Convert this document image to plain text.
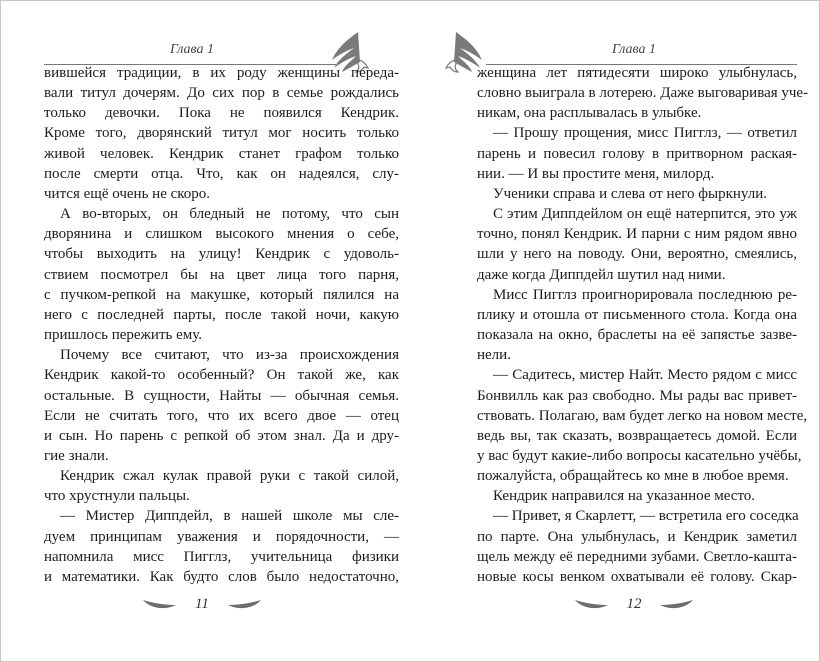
Глава 1
вившейся традиции, в их роду женщины переда-
вали титул дочерям. До сих пор в семье рождались
только девочки. Пока не появился Кендрик.
Кроме того, дворянский титул мог носить только
живой человек. Кендрик станет графом только
после смерти отца. Что, как он надеялся, слу-
чится ещё очень не скоро.
А во-вторых, он бледный не потому, что сын
дворянина и слишком высокого мнения о себе,
чтобы выходить на улицу! Кендрик с удоволь-
ствием посмотрел бы на цвет лица того парня,
с пучком-репкой на макушке, который пялился на
него с последней парты, после такой ночи, какую
пришлось пережить ему.
Почему все считают, что из-за происхождения
Кендрик какой-то особенный? Он такой же, как
остальные. В сущности, Найты — обычная семья.
Если не считать того, что их всего двое — отец
и сын. Но парень с репкой об этом знал. Да и дру-
гие знали.
Кендрик сжал кулак правой руки с такой силой,
что хрустнули пальцы.
— Мистер Диппдейл, в нашей школе мы сле-
дуем принципам уважения и порядочности, —
напомнила мисс Пигглз, учительница физики
и математики. Как будто слов было недостаточно,
11
Глава 1
женщина лет пятидесяти широко улыбнулась,
словно выиграла в лотерею. Даже выговаривая уче-
никам, она расплывалась в улыбке.
— Прошу прощения, мисс Пигглз, — ответил
парень и повесил голову в притворном раская-
нии. — И вы простите меня, милорд.
Ученики справа и слева от него фыркнули.
С этим Диппдейлом он ещё натерпится, это уж
точно, понял Кендрик. И парни с ним рядом явно
шли у него на поводу. Они, вероятно, смеялись,
даже когда Диппдейл шутил над ними.
Мисс Пигглз проигнорировала последнюю ре-
плику и отошла от письменного стола. Когда она
показала на окно, браслеты на её запястье зазве-
нели.
— Садитесь, мистер Найт. Место рядом с мисс
Бонвилль как раз свободно. Мы рады вас привет-
ствовать. Полагаю, вам будет легко на новом месте,
ведь вы, так сказать, возвращаетесь домой. Если
у вас будут какие-либо вопросы касательно учёбы,
пожалуйста, обращайтесь ко мне в любое время.
Кендрик направился на указанное место.
— Привет, я Скарлетт, — встретила его соседка
по парте. Она улыбнулась, и Кендрик заметил
щель между её передними зубами. Светло-кашта-
новые косы венком охватывали её голову. Скар-
12
